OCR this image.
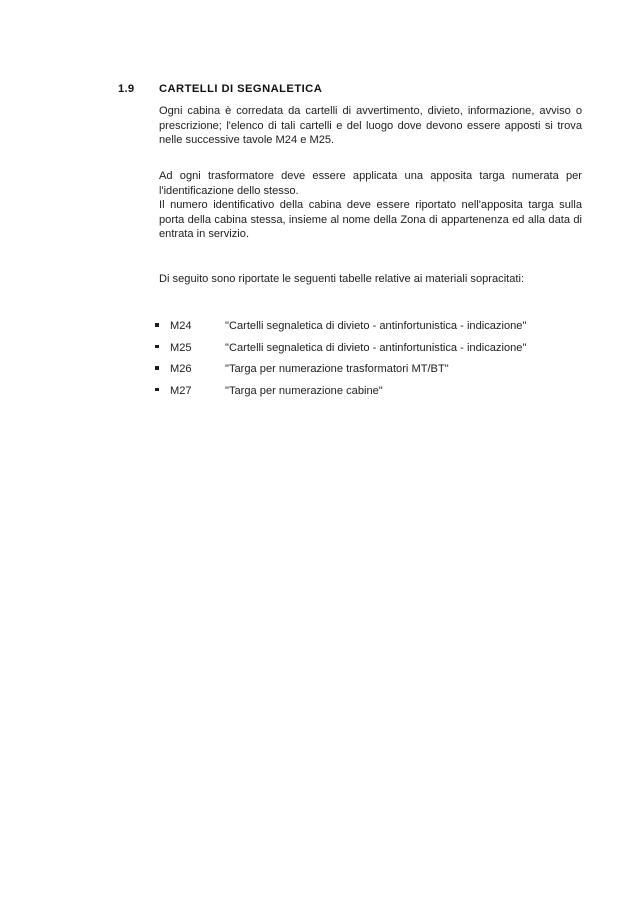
1.9	CARTELLI DI SEGNALETICA

Ogni cabina è corredata da cartelli di avvertimento, divieto, informazione, avviso o prescrizione; l'elenco di tali cartelli e del luogo dove devono essere apposti si trova nelle successive tavole M24 e M25.

Ad ogni trasformatore deve essere applicata una apposita targa numerata per l'identificazione dello stesso.

Il numero identificativo della cabina deve essere riportato nell'apposita targa sulla porta della cabina stessa, insieme al nome della Zona di appartenenza ed alla data di entrata in servizio.

Di seguito sono riportate le seguenti tabelle relative ai materiali sopracitati:

M24	"Cartelli segnaletica di divieto - antinfortunistica - indicazione"
M25	"Cartelli segnaletica di divieto - antinfortunistica - indicazione"
M26	"Targa per numerazione trasformatori MT/BT"
M27	"Targa per numerazione cabine"
